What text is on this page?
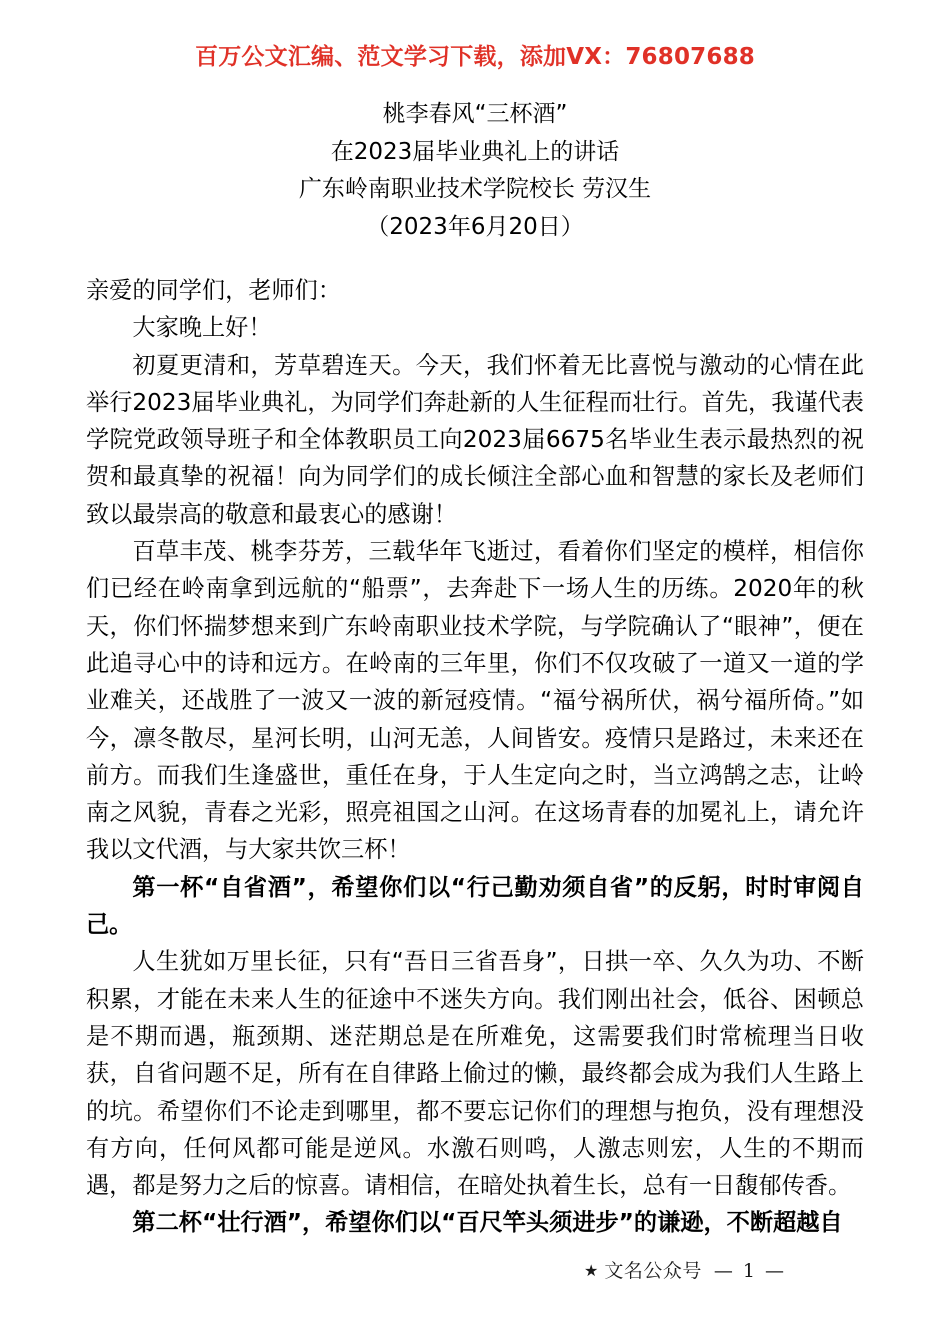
百万公文汇编、范文学习下载，添加VX：76807688
桃李春风“三杯酒”
在2023届毕业典礼上的讲话
广东岭南职业技术学院校长 劳汉生
（2023年6月20日）

亲爱的同学们，老师们：

大家晚上好！

初夏更清和，芳草碧连天。今天，我们怀着无比喜悦与激动的心情在此举行2023届毕业典礼，为同学们奔赴新的人生征程而壮行。首先，我谨代表学院党政领导班子和全体教职员工向2023届6675名毕业生表示最热烈的祝贺和最真挚的祝福！向为同学们的成长倾注全部心血和智慧的家长及老师们致以最崇高的敬意和最衷心的感谢！

百草丰茂、桃李芬芳，三载华年飞逝过，看着你们坚定的模样，相信你们已经在岭南拿到远航的“船票”，去奔赴下一场人生的历练。2020年的秋天，你们怀揣梦想来到广东岭南职业技术学院，与学院确认了“眼神”，便在此追寻心中的诗和远方。在岭南的三年里，你们不仅攻破了一道又一道的学业难关，还战胜了一波又一波的新冠疫情。“福兮祸所伏，祸兮福所倚。”如今，凛冬散尽，星河长明，山河无恙，人间皆安。疫情只是路过，未来还在前方。而我们生逢盛世，重任在身，于人生定向之时，当立鸿鹄之志，让岭南之风貌，青春之光彩，照亮祖国之山河。在这场青春的加冕礼上，请允许我以文代酒，与大家共饮三杯！

第一杯“自省酒”，希望你们以“行己勤劝须自省”的反躬，时时审阅自己。

人生犹如万里长征，只有“吾日三省吾身”，日拱一卒、久久为功、不断积累，才能在未来人生的征途中不迷失方向。我们刚出社会，低谷、困顿总是不期而遇，瓶颈期、迷茫期总是在所难免，这需要我们时常梳理当日收获，自省问题不足，所有在自律路上偷过的懒，最终都会成为我们人生路上的坑。希望你们不论走到哪里，都不要忘记你们的理想与抱负，没有理想没有方向，任何风都可能是逆风。水激石则鸣，人激志则宏，人生的不期而遇，都是努力之后的惊喜。请相信，在暗处执着生长，总有一日馥郁传香。

第二杯“壮行酒”，希望你们以“百尺竿头须进步”的谦逊，不断超越自

★ 文名公众号 — 1 —
